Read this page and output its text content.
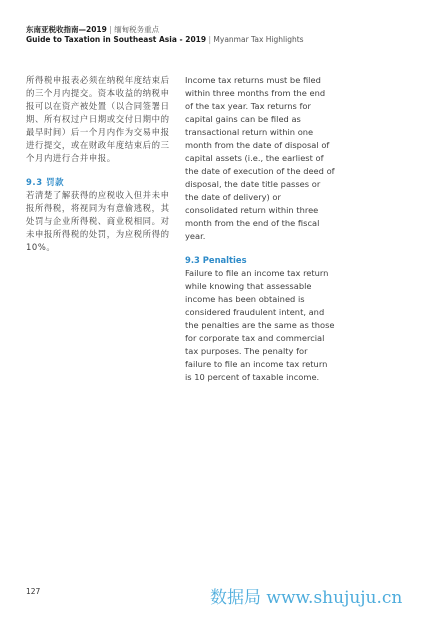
东南亚税收指南—2019 | 缅甸税务重点
Guide to Taxation in Southeast Asia - 2019 | Myanmar Tax Highlights

所得税申报表必须在纳税年度结束后的三个月内提交。资本收益的纳税申报可以在资产被处置（以合同签署日期、所有权过户日期或交付日期中的最早时间）后一个月内作为交易申报进行提交，或在财政年度结束后的三个月内进行合并申报。

9.3 罚款

若清楚了解获得的应税收入但并未申报所得税，将视同为有意偷逃税，其处罚与企业所得税、商业税相同。对未申报所得税的处罚，为应税所得的10%。

Income tax returns must be filed within three months from the end of the tax year. Tax returns for capital gains can be filed as transactional return within one month from the date of disposal of capital assets (i.e., the earliest of the date of execution of the deed of disposal, the date title passes or the date of delivery) or consolidated return within three month from the end of the fiscal year.

9.3 Penalties

Failure to file an income tax return while knowing that assessable income has been obtained is considered fraudulent intent, and the penalties are the same as those for corporate tax and commercial tax purposes. The penalty for failure to file an income tax return is 10 percent of taxable income.

127	数据局 www.shujuju.cn
